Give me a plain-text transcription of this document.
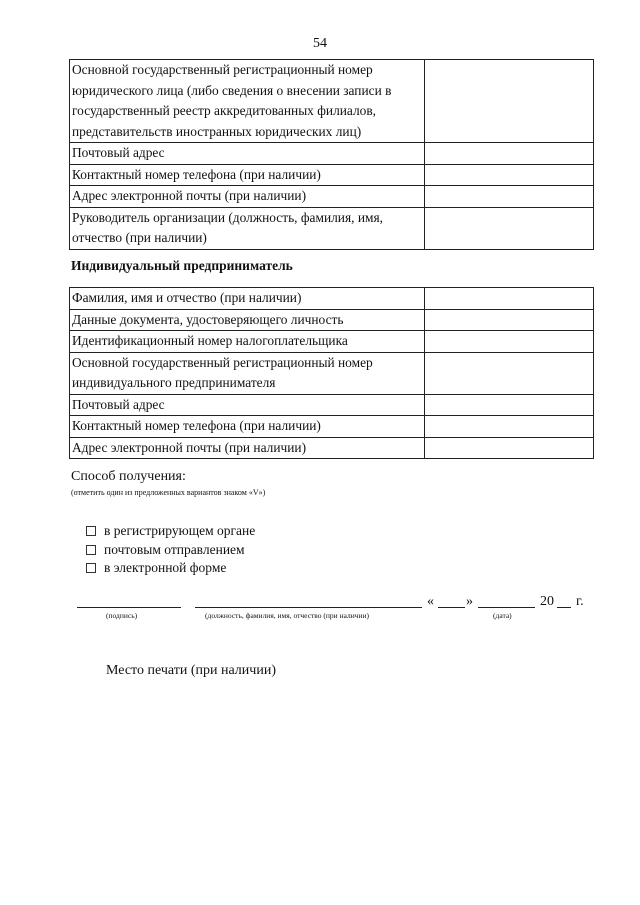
54
Основной государственный регистрационный номер юридического лица (либо сведения о внесении записи в государственный реестр аккредитованных филиалов, представительств иностранных юридических лиц)	
Почтовый адрес	
Контактный номер телефона (при наличии)	
Адрес электронной почты (при наличии)	
Руководитель организации (должность, фамилия, имя, отчество (при наличии)	
Индивидуальный предприниматель
Фамилия, имя и отчество (при наличии)	
Данные документа, удостоверяющего личность	
Идентификационный номер налогоплательщика	
Основной государственный регистрационный номер индивидуального предпринимателя	
Почтовый адрес	
Контактный номер телефона (при наличии)	
Адрес электронной почты (при наличии)	
Способ получения:
(отметить один из предложенных вариантов знаком «V»)
в регистрирующем органе
почтовым отправлением
в электронной форме
(подпись)	(должность, фамилия, имя, отчество (при наличии)
« »	20 г.
(дата)
Место печати (при наличии)
